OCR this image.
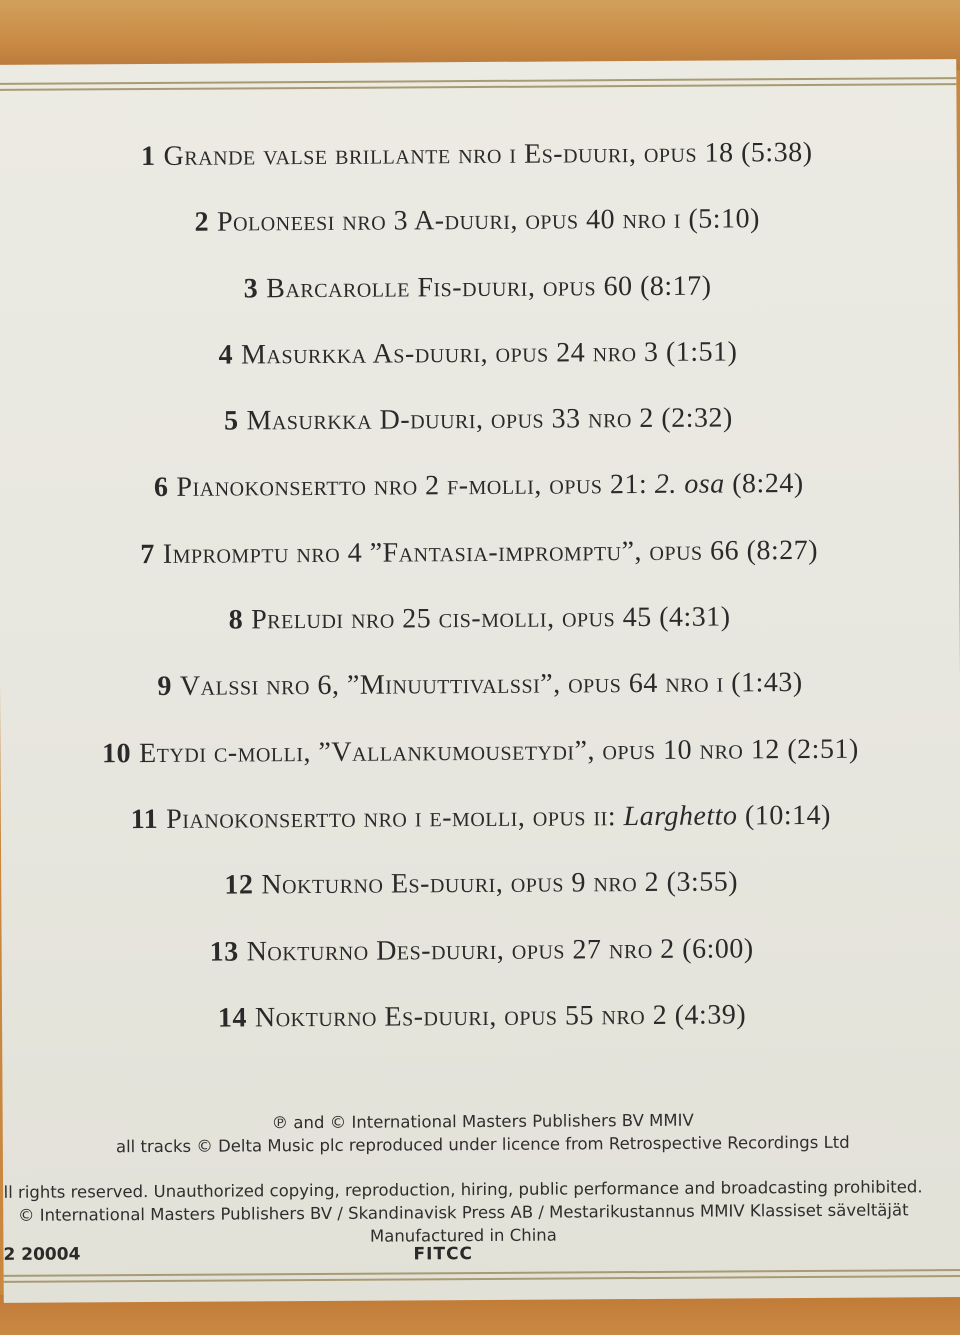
1 Grande valse brillante nro i Es-duuri, opus 18 (5:38)
2 Poloneesi nro 3 A-duuri, opus 40 nro i (5:10)
3 Barcarolle Fis-duuri, opus 60 (8:17)
4 Masurkka As-duuri, opus 24 nro 3 (1:51)
5 Masurkka D-duuri, opus 33 nro 2 (2:32)
6 Pianokonsertto nro 2 f-molli, opus 21: 2. osa (8:24)
7 Impromptu nro 4 ”Fantasia-impromptu”, opus 66 (8:27)
8 Preludi nro 25 cis-molli, opus 45 (4:31)
9 Valssi nro 6, ”Minuuttivalssi”, opus 64 nro i (1:43)
10 Etydi c-molli, ”Vallankumousetydi”, opus 10 nro 12 (2:51)
11 Pianokonsertto nro i e-molli, opus ii: Larghetto (10:14)
12 Nokturno Es-duuri, opus 9 nro 2 (3:55)
13 Nokturno Des-duuri, opus 27 nro 2 (6:00)
14 Nokturno Es-duuri, opus 55 nro 2 (4:39)
℗ and © International Masters Publishers BV MMIV
all tracks © Delta Music plc reproduced under licence from Retrospective Recordings Ltd
ll rights reserved. Unauthorized copying, reproduction, hiring, public performance and broadcasting prohibited.
© International Masters Publishers BV / Skandinavisk Press AB / Mestarikustannus MMIV Klassiset säveltäjät
Manufactured in China
2 20004	FITCC
